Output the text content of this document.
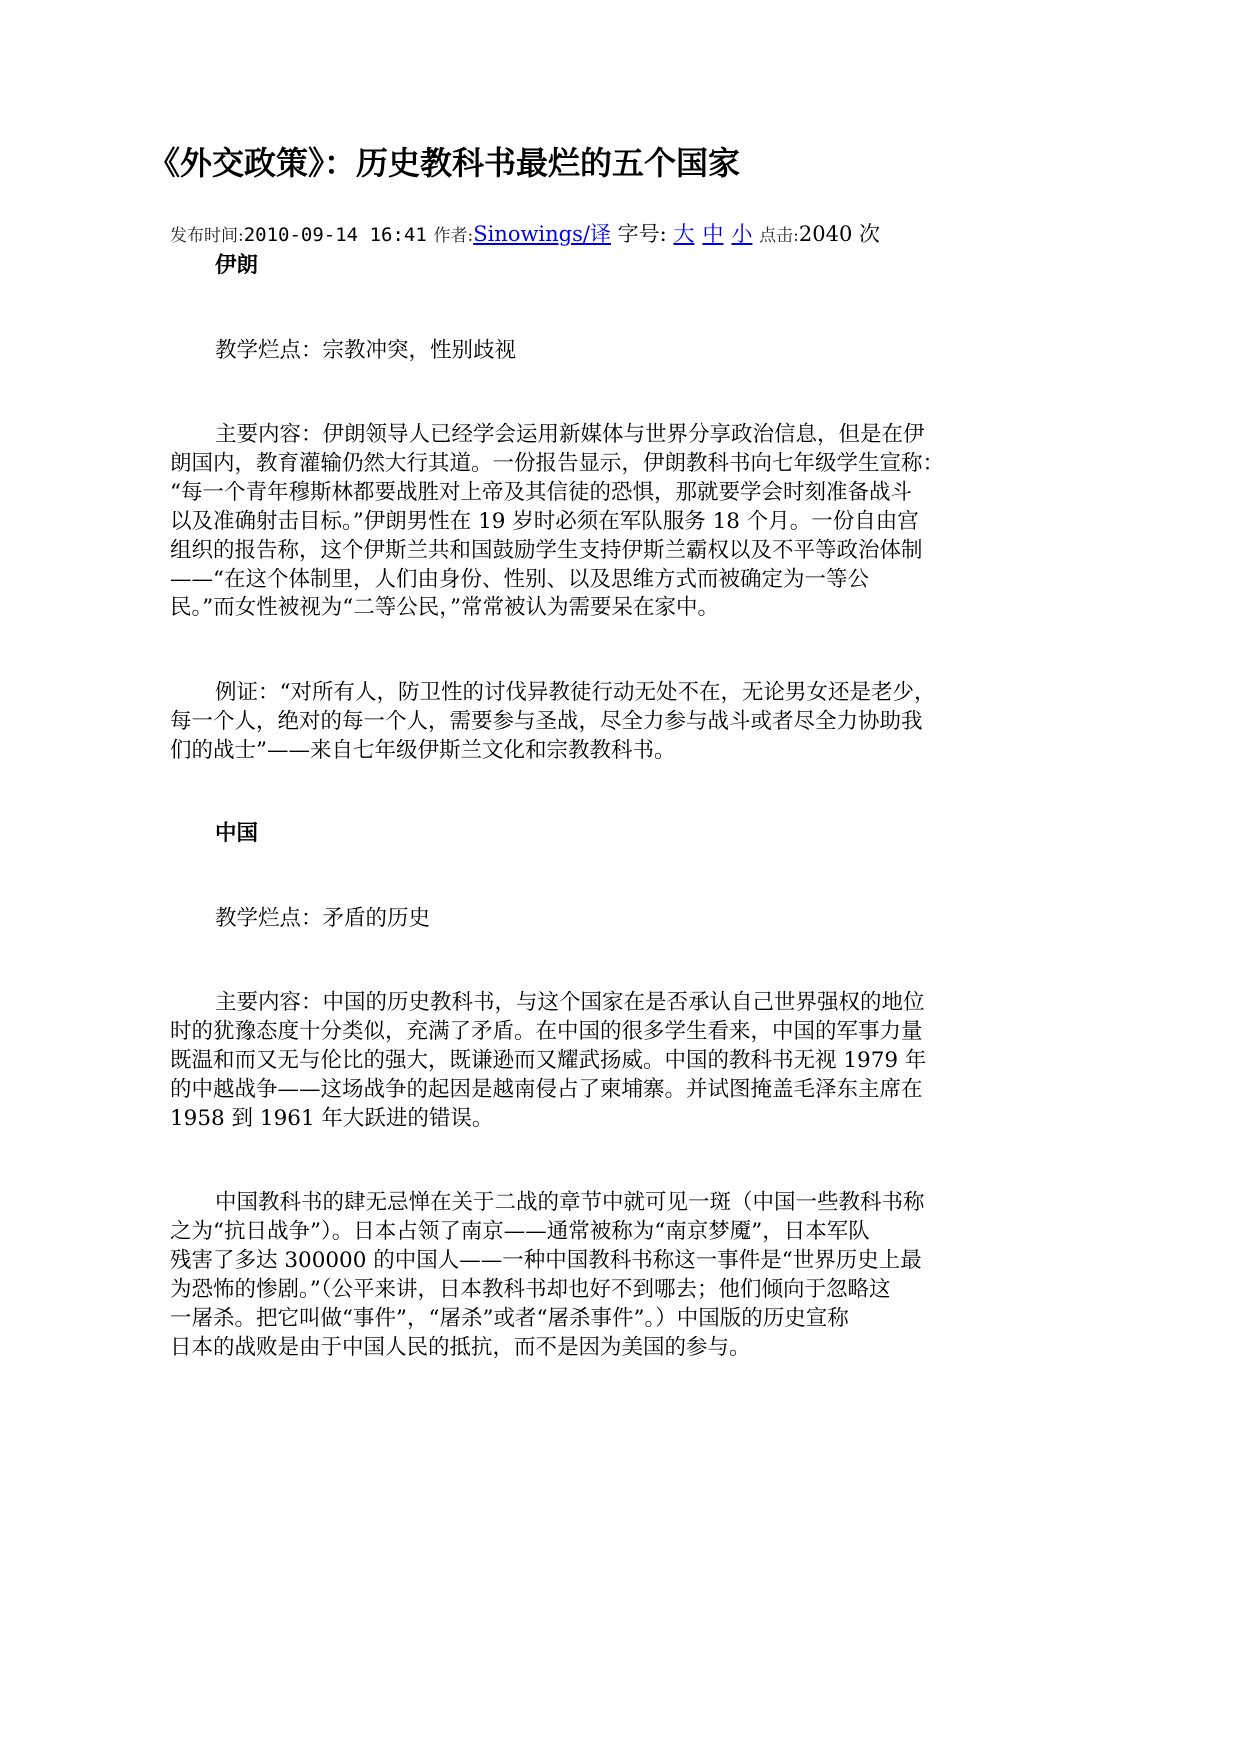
《外交政策》：历史教科书最烂的五个国家
发布时间:2010-09-14 16:41 作者:Sinowings/译 字号: 大 中 小 点击:2040 次
伊朗
教学烂点：宗教冲突，性别歧视
主要内容：伊朗领导人已经学会运用新媒体与世界分享政治信息，但是在伊
朗国内，教育灌输仍然大行其道。一份报告显示，伊朗教科书向七年级学生宣称：
“每一个青年穆斯林都要战胜对上帝及其信徒的恐惧，那就要学会时刻准备战斗
以及准确射击目标。”伊朗男性在 19 岁时必须在军队服务 18 个月。一份自由宫
组织的报告称，这个伊斯兰共和国鼓励学生支持伊斯兰霸权以及不平等政治体制
——“在这个体制里，人们由身份、性别、以及思维方式而被确定为一等公
民。”而女性被视为“二等公民，”常常被认为需要呆在家中。
例证：“对所有人，防卫性的讨伐异教徒行动无处不在，无论男女还是老少，
每一个人，绝对的每一个人，需要参与圣战，尽全力参与战斗或者尽全力协助我
们的战士”——来自七年级伊斯兰文化和宗教教科书。
中国
教学烂点：矛盾的历史
主要内容：中国的历史教科书，与这个国家在是否承认自己世界强权的地位
时的犹豫态度十分类似，充满了矛盾。在中国的很多学生看来，中国的军事力量
既温和而又无与伦比的强大，既谦逊而又耀武扬威。中国的教科书无视 1979 年
的中越战争——这场战争的起因是越南侵占了柬埔寨。并试图掩盖毛泽东主席在
1958 到 1961 年大跃进的错误。
中国教科书的肆无忌惮在关于二战的章节中就可见一斑（中国一些教科书称
之为“抗日战争”）。日本占领了南京——通常被称为“南京梦魇”，日本军队
残害了多达 300000 的中国人——一种中国教科书称这一事件是“世界历史上最
为恐怖的惨剧。”（公平来讲，日本教科书却也好不到哪去；他们倾向于忽略这
一屠杀。把它叫做“事件”，“屠杀”或者“屠杀事件”。）中国版的历史宣称
日本的战败是由于中国人民的抵抗，而不是因为美国的参与。
